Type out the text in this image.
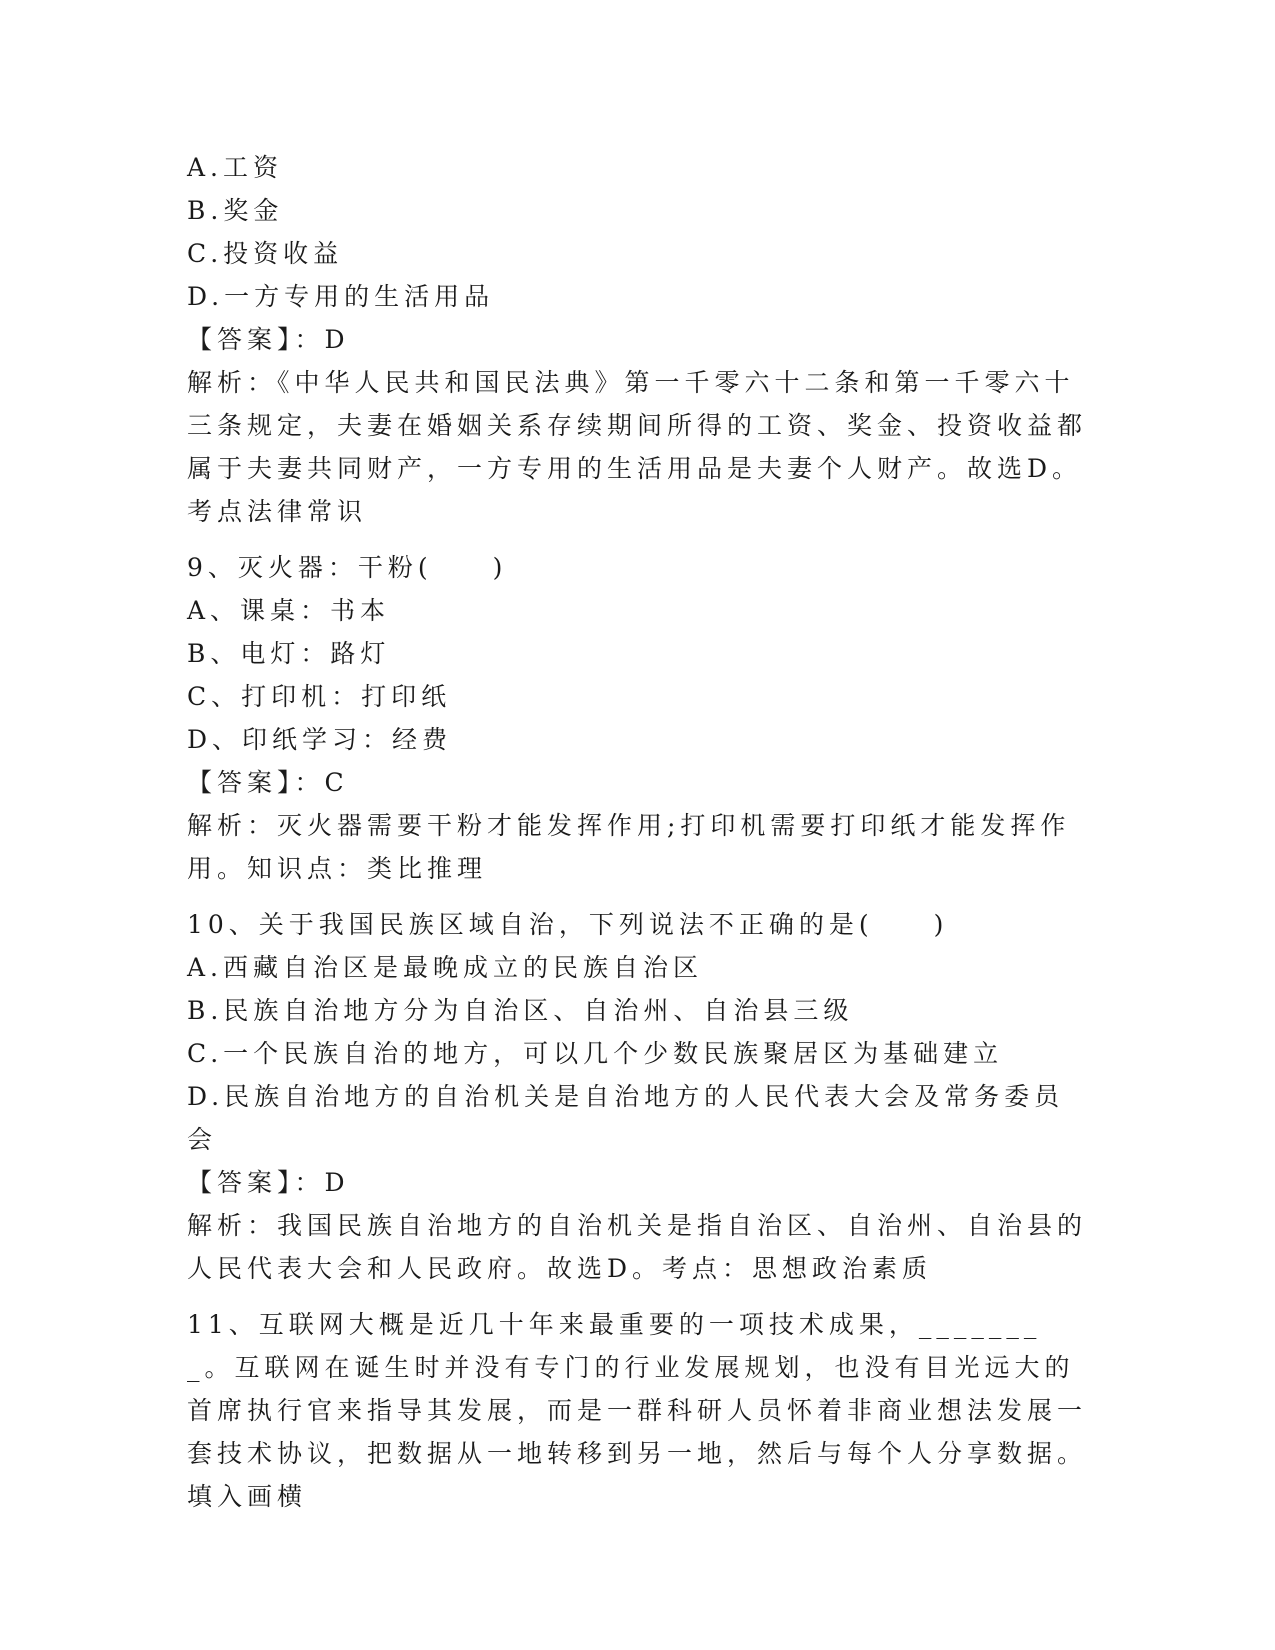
A.工资

B.奖金

C.投资收益

D.一方专用的生活用品

【答案】：D

解析：《中华人民共和国民法典》第一千零六十二条和第一千零六十三条规定，夫妻在婚姻关系存续期间所得的工资、奖金、投资收益都属于夫妻共同财产，一方专用的生活用品是夫妻个人财产。故选D。考点法律常识

9、灭火器：干粉(　　)

A、课桌：书本

B、电灯：路灯

C、打印机：打印纸

D、印纸学习：经费

【答案】：C

解析：灭火器需要干粉才能发挥作用;打印机需要打印纸才能发挥作用。知识点：类比推理

10、关于我国民族区域自治，下列说法不正确的是(　　)

A.西藏自治区是最晚成立的民族自治区

B.民族自治地方分为自治区、自治州、自治县三级

C.一个民族自治的地方，可以几个少数民族聚居区为基础建立

D.民族自治地方的自治机关是自治地方的人民代表大会及常务委员会

【答案】：D

解析：我国民族自治地方的自治机关是指自治区、自治州、自治县的人民代表大会和人民政府。故选D。考点：思想政治素质

11、互联网大概是近几十年来最重要的一项技术成果，________。互联网在诞生时并没有专门的行业发展规划，也没有目光远大的首席执行官来指导其发展，而是一群科研人员怀着非商业想法发展一套技术协议，把数据从一地转移到另一地，然后与每个人分享数据。填入画横
